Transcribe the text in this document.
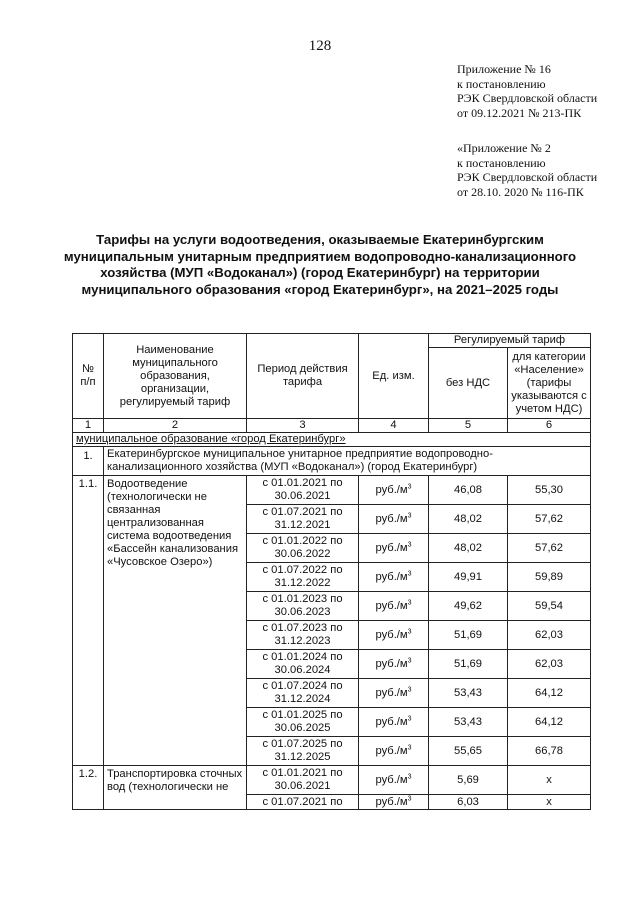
128
Приложение № 16
к постановлению
РЭК Свердловской области
от 09.12.2021 № 213-ПК
«Приложение № 2
к постановлению
РЭК Свердловской области
от 28.10. 2020 № 116-ПК
Тарифы на услуги водоотведения, оказываемые Екатеринбургским муниципальным унитарным предприятием водопроводно-канализационного хозяйства (МУП «Водоканал») (город Екатеринбург) на территории муниципального образования «город Екатеринбург», на 2021–2025 годы
№ п/п	Наименование муниципального образования, организации, регулируемый тариф	Период действия тарифа	Ед. изм.	Регулируемый тариф	
				без НДС	для категории «Население» (тарифы указываются с учетом НДС)
1	2	3	4	5	6
муниципальное образование «город Екатеринбург»					
1.	Екатеринбургское муниципальное унитарное предприятие водопроводно-канализационного хозяйства (МУП «Водоканал») (город Екатеринбург)				
1.1.	Водоотведение (технологически не связанная централизованная система водоотведения «Бассейн канализования «Чусовское Озеро»)	с 01.01.2021 по
30.06.2021	$руб./м^3$	46,08	55,30

		с 01.07.2021 по
31.12.2021	$руб./м^3$	48,02	57,62

		с 01.01.2022 по
30.06.2022	$руб./м^3$	48,02	57,62

		с 01.07.2022 по
31.12.2022	$руб./м^3$	49,91	59,89

		с 01.01.2023 по
30.06.2023	$руб./м^3$	49,62	59,54

		с 01.07.2023 по
31.12.2023	$руб./м^3$	51,69	62,03

		с 01.01.2024 по
30.06.2024	$руб./м^3$	51,69	62,03

		с 01.07.2024 по
31.12.2024	$руб./м^3$	53,43	64,12

		с 01.01.2025 по
30.06.2025	$руб./м^3$	53,43	64,12

		с 01.07.2025 по
31.12.2025	$руб./м^3$	55,65	66,78
1.2.	Транспортировка сточных вод (технологически не	с 01.01.2021 по
30.06.2021	$руб./м^3$	5,69	х

		с 01.07.2021 по	$руб./м^3$	6,03	х
